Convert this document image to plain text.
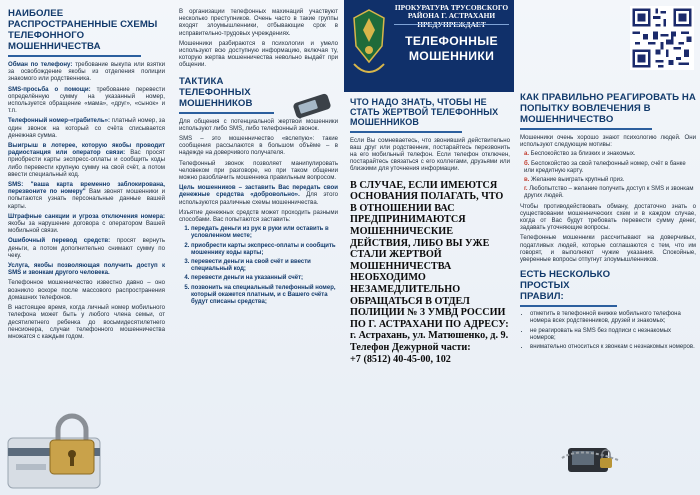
НАИБОЛЕЕ РАСПРОСТРАНЕННЫЕ СХЕМЫ ТЕЛЕФОННОГО МОШЕННИЧЕСТВА

Обман по телефону: требование выкупа или взятки за освобождение якобы из отделения полиции знакомого или родственника.

SMS-просьба о помощи: требование перевести определённую сумму на указанный номер, используется обращение «мама», «друг», «сынок» и т.п.

Телефонный номер-«грабитель»: платный номер, за один звонок на который со счёта списывается денежная сумма.

Выигрыш в лотерее, которую якобы проводит радиостанция или оператор связи: Вас просят приобрести карты экспресс-оплаты и сообщить коды либо перевести крупную сумму на свой счёт, а потом ввести специальный код.

SMS: "ваша карта временно заблокирована, перезвоните по номеру" Вам звонят мошенники и попытаются узнать персональные данные вашей карты.

Штрафные санкции и угроза отключения номера: якобы за нарушение договора с оператором Вашей мобильной связи.

Ошибочный перевод средств: просят вернуть деньги, а потом дополнительно снимают сумму по чеку.

Услуга, якобы позволяющая получить доступ к SMS и звонкам другого человека.

Телефонное мошенничество известно давно – оно возникло вскоре после массового распространения домашних телефонов.

В настоящее время, когда личный номер мобильного телефона может быть у любого члена семьи, от десятилетнего ребенка до восьмидесятилетнего пенсионера, случаи телефонного мошенничества множатся с каждым годом.

В организации телефонных махинаций участвуют несколько преступников. Очень часто в такие группы входят злоумышленники, отбывающие срок в исправительно-трудовых учреждениях.

Мошенники разбираются в психологии и умело используют всю доступную информацию, включая ту, которую жертва мошенничества невольно выдаёт при общении.

ТАКТИКА ТЕЛЕФОННЫХ МОШЕННИКОВ

Для общения с потенциальной жертвой мошенники используют либо SMS, либо телефонный звонок.

SMS – это мошенничество «вслепую»: такие сообщения рассылаются в большом объёме – в надежде на доверчивого получателя.

Телефонный звонок позволяет манипулировать человеком при разговоре, но при таком общении можно разоблачить мошенника правильным вопросом.

Цель мошенников – заставить Вас передать свои денежные средства «добровольно». Для этого используются различные схемы мошенничества.

Изъятие денежных средств может проходить разными способами. Вас попытаются заставить:

1. передать деньги из рук в руки или оставить в условленном месте;
2. приобрести карты экспресс-оплаты и сообщить мошеннику коды карты;
3. перевести деньги на свой счёт и ввести специальный код;
4. перевести деньги на указанный счёт;
5. позвонить на специальный телефонный номер, который окажется платным, и с Вашего счёта будут списаны средства;
ПРОКУРАТУРА ТРУСОВСКОГО РАЙОНА Г. АСТРАХАНИ
ТЕЛЕФОННЫЕ МОШЕННИКИ
ЧТО НАДО ЗНАТЬ, ЧТОБЫ НЕ СТАТЬ ЖЕРТВОЙ ТЕЛЕФОННЫХ МОШЕННИКОВ

Если Вы сомневаетесь, что звонивший действительно ваш друг или родственник, постарайтесь перезвонить на его мобильный телефон. Если телефон отключен, постарайтесь связаться с его коллегами, друзьями или близкими для уточнения информации.

В СЛУЧАЕ, ЕСЛИ ИМЕЮТСЯ ОСНОВАНИЯ ПОЛАГАТЬ, ЧТО В ОТНОШЕНИИ ВАС ПРЕДПРИНИМАЮТСЯ МОШЕННИЧЕСКИЕ ДЕЙСТВИЯ, ЛИБО ВЫ УЖЕ СТАЛИ ЖЕРТВОЙ МОШЕННИЧЕСТВА НЕОБХОДИМО НЕЗАМЕДЛИТЕЛЬНО ОБРАЩАТЬСЯ В ОТДЕЛ ПОЛИЦИИ № 3 УМВД РОССИИ ПО Г. АСТРАХАНИ ПО АДРЕСУ: г. Астрахань, ул. Матюшенко, д. 9.

Телефон Дежурной части:

+7 (8512) 40-45-00, 102

КАК ПРАВИЛЬНО РЕАГИРОВАТЬ НА ПОПЫТКУ ВОВЛЕЧЕНИЯ В МОШЕННИЧЕСТВО

Мошенники очень хорошо знают психологию людей. Они используют следующие мотивы:

а. Беспокойство за близких и знакомых.
б. Беспокойство за свой телефонный номер, счёт в банке или кредитную карту.
в. Желание выиграть крупный приз.
г. Любопытство – желание получить доступ к SMS и звонкам других людей.

Чтобы противодействовать обману, достаточно знать о существовании мошеннических схем и в каждом случае, когда от Вас будут требовать перевести сумму денег, задавать уточняющие вопросы.

Телефонные мошенники рассчитывают на доверчивых, податливых людей, которые соглашаются с тем, что им говорят, и выполняют чужие указания. Спокойные, уверенные вопросы отпугнут злоумышленников.

ЕСТЬ НЕСКОЛЬКО ПРОСТЫХ ПРАВИЛ:
• отметить в телефонной книжке мобильного телефона номера всех родственников, друзей и знакомых;
• не реагировать на SMS без подписи с незнакомых номеров;
• внимательно относиться к звонкам с незнакомых номеров.
